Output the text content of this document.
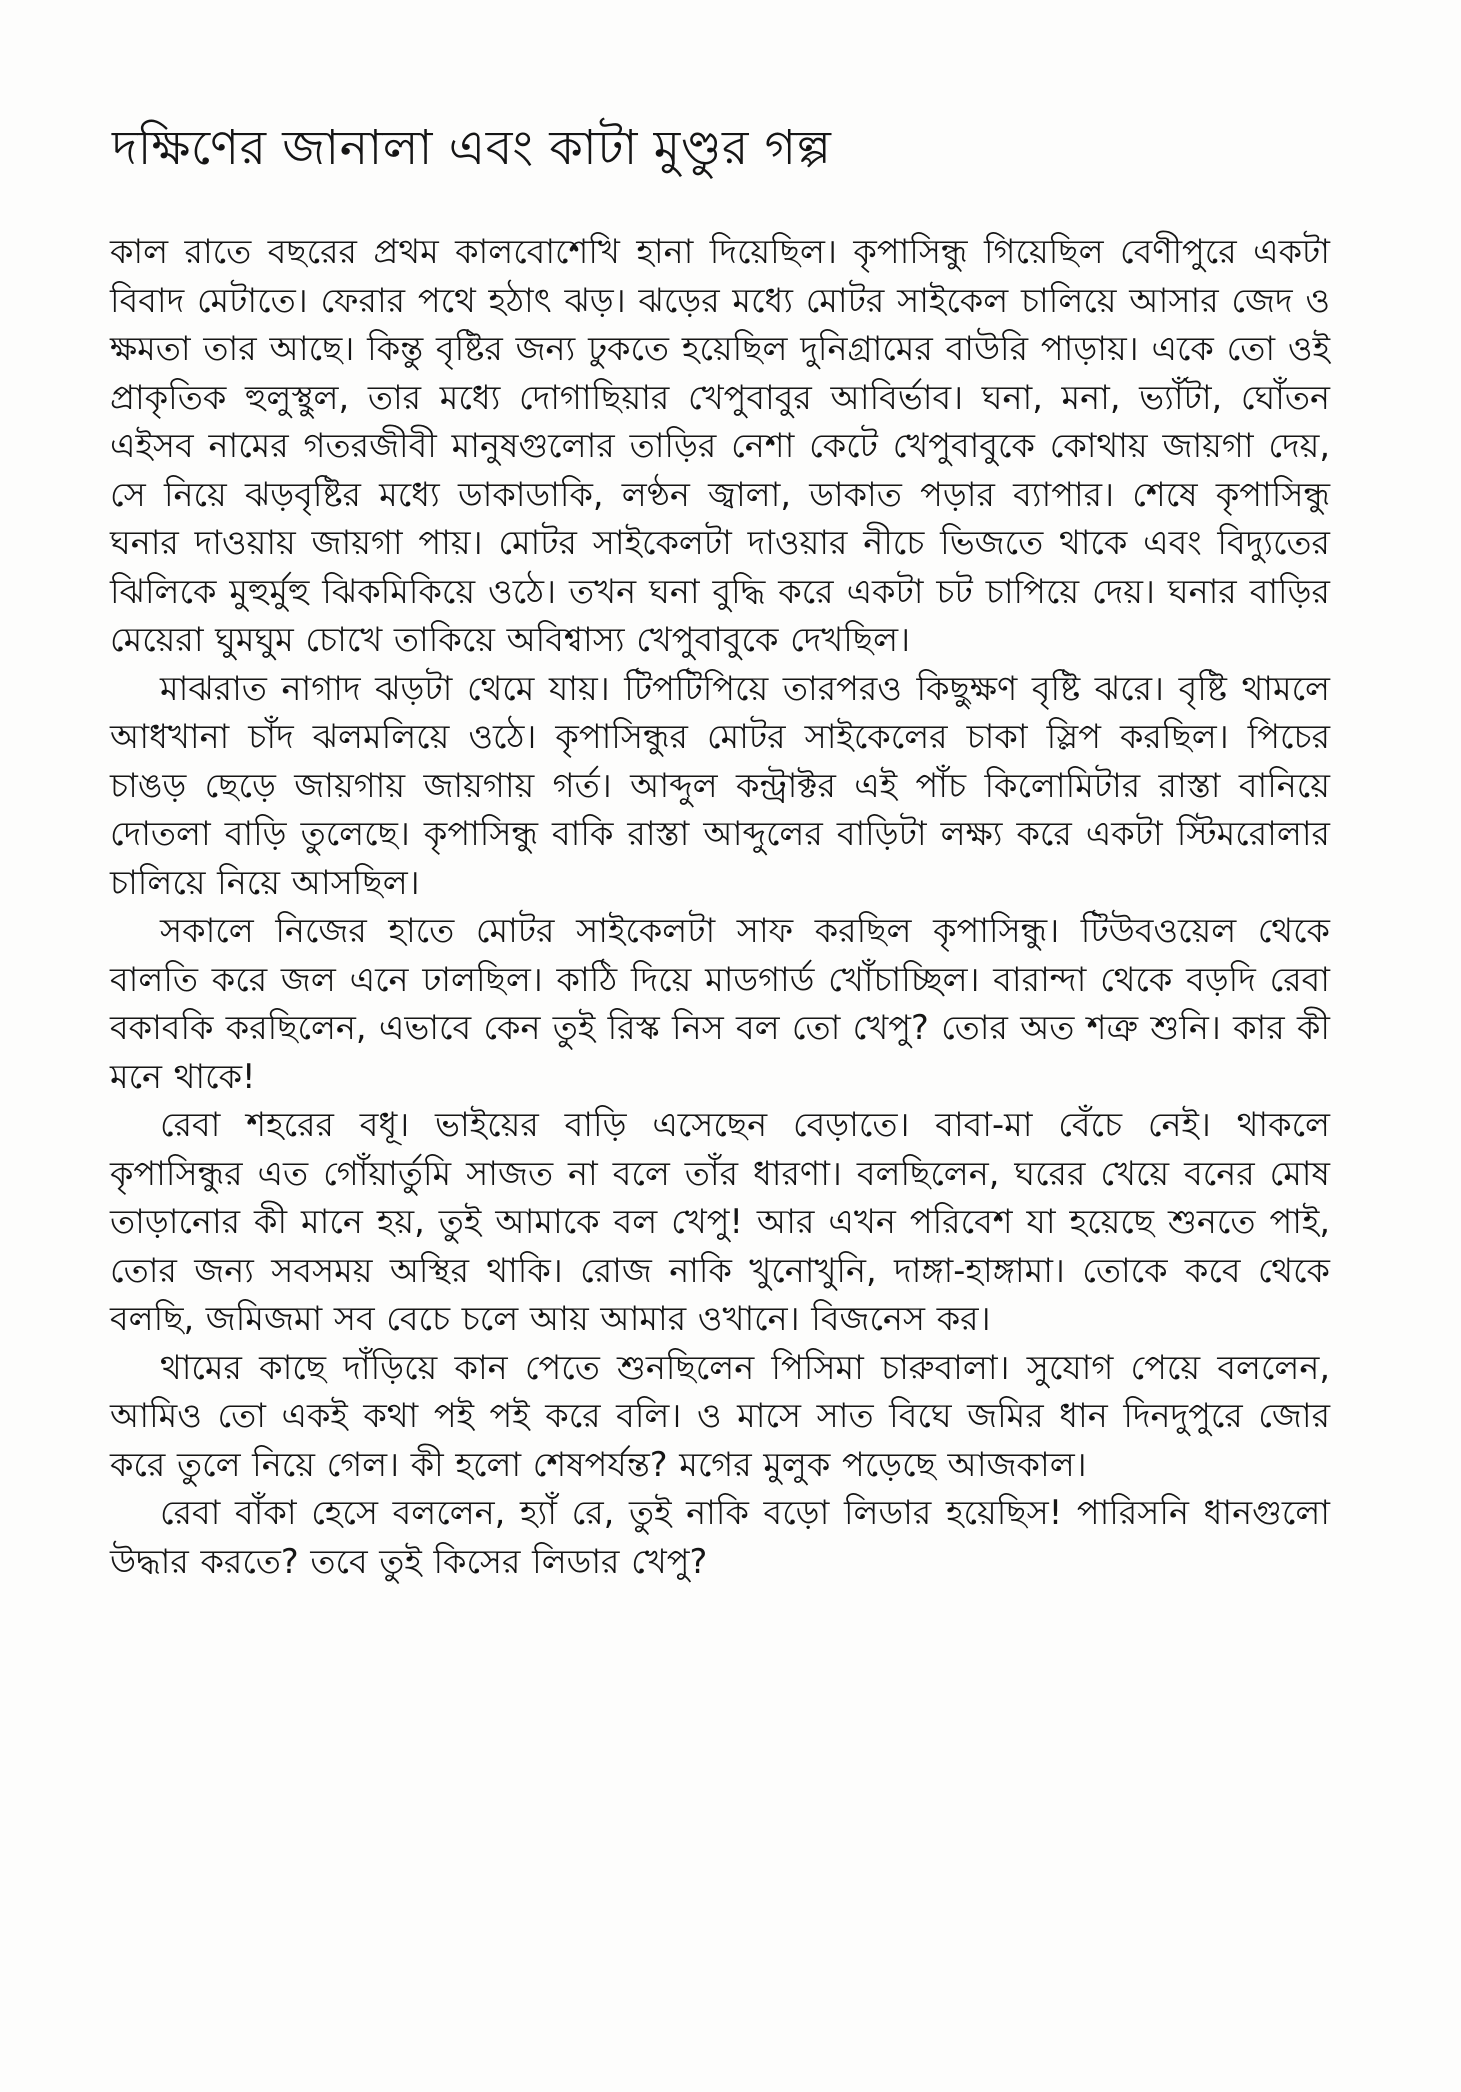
দক্ষিণের জানালা এবং কাটা মুণ্ডুর গল্প

কাল রাতে বছরের প্রথম কালবোশেখি হানা দিয়েছিল। কৃপাসিন্ধু গিয়েছিল বেণীপুরে একটা বিবাদ মেটাতে। ফেরার পথে হঠাৎ ঝড়। ঝড়ের মধ্যে মোটর সাইকেল চালিয়ে আসার জেদ ও ক্ষমতা তার আছে। কিন্তু বৃষ্টির জন্য ঢুকতে হয়েছিল দুনিগ্রামের বাউরি পাড়ায়। একে তো ওই প্রাকৃতিক হুলুস্থুল, তার মধ্যে দোগাছিয়ার খেপুবাবুর আবির্ভাব। ঘনা, মনা, ভ্যাঁটা, ঘোঁতন এইসব নামের গতরজীবী মানুষগুলোর তাড়ির নেশা কেটে খেপুবাবুকে কোথায় জায়গা দেয়, সে নিয়ে ঝড়বৃষ্টির মধ্যে ডাকাডাকি, লণ্ঠন জ্বালা, ডাকাত পড়ার ব্যাপার। শেষে কৃপাসিন্ধু ঘনার দাওয়ায় জায়গা পায়। মোটর সাইকেলটা দাওয়ার নীচে ভিজতে থাকে এবং বিদ্যুতের ঝিলিকে মুহুর্মুহু ঝিকমিকিয়ে ওঠে। তখন ঘনা বুদ্ধি করে একটা চট চাপিয়ে দেয়। ঘনার বাড়ির মেয়েরা ঘুমঘুম চোখে তাকিয়ে অবিশ্বাস্য খেপুবাবুকে দেখছিল।

মাঝরাত নাগাদ ঝড়টা থেমে যায়। টিপটিপিয়ে তারপরও কিছুক্ষণ বৃষ্টি ঝরে। বৃষ্টি থামলে আধখানা চাঁদ ঝলমলিয়ে ওঠে। কৃপাসিন্ধুর মোটর সাইকেলের চাকা স্লিপ করছিল। পিচের চাঙড় ছেড়ে জায়গায় জায়গায় গর্ত। আব্দুল কন্ট্রাক্টর এই পাঁচ কিলোমিটার রাস্তা বানিয়ে দোতলা বাড়ি তুলেছে। কৃপাসিন্ধু বাকি রাস্তা আব্দুলের বাড়িটা লক্ষ্য করে একটা স্টিমরোলার চালিয়ে নিয়ে আসছিল।

সকালে নিজের হাতে মোটর সাইকেলটা সাফ করছিল কৃপাসিন্ধু। টিউবওয়েল থেকে বালতি করে জল এনে ঢালছিল। কাঠি দিয়ে মাডগার্ড খোঁচাচ্ছিল। বারান্দা থেকে বড়দি রেবা বকাবকি করছিলেন, এভাবে কেন তুই রিস্ক নিস বল তো খেপু? তোর অত শত্রু শুনি। কার কী মনে থাকে!

রেবা শহরের বধূ। ভাইয়ের বাড়ি এসেছেন বেড়াতে। বাবা-মা বেঁচে নেই। থাকলে কৃপাসিন্ধুর এত গোঁয়ার্তুমি সাজত না বলে তাঁর ধারণা। বলছিলেন, ঘরের খেয়ে বনের মোষ তাড়ানোর কী মানে হয়, তুই আমাকে বল খেপু! আর এখন পরিবেশ যা হয়েছে শুনতে পাই, তোর জন্য সবসময় অস্থির থাকি। রোজ নাকি খুনোখুনি, দাঙ্গা-হাঙ্গামা। তোকে কবে থেকে বলছি, জমিজমা সব বেচে চলে আয় আমার ওখানে। বিজনেস কর।

থামের কাছে দাঁড়িয়ে কান পেতে শুনছিলেন পিসিমা চারুবালা। সুযোগ পেয়ে বললেন, আমিও তো একই কথা পই পই করে বলি। ও মাসে সাত বিঘে জমির ধান দিনদুপুরে জোর করে তুলে নিয়ে গেল। কী হলো শেষপর্যন্ত? মগের মুলুক পড়েছে আজকাল।

রেবা বাঁকা হেসে বললেন, হ্যাঁ রে, তুই নাকি বড়ো লিডার হয়েছিস! পারিসনি ধানগুলো উদ্ধার করতে? তবে তুই কিসের লিডার খেপু?
